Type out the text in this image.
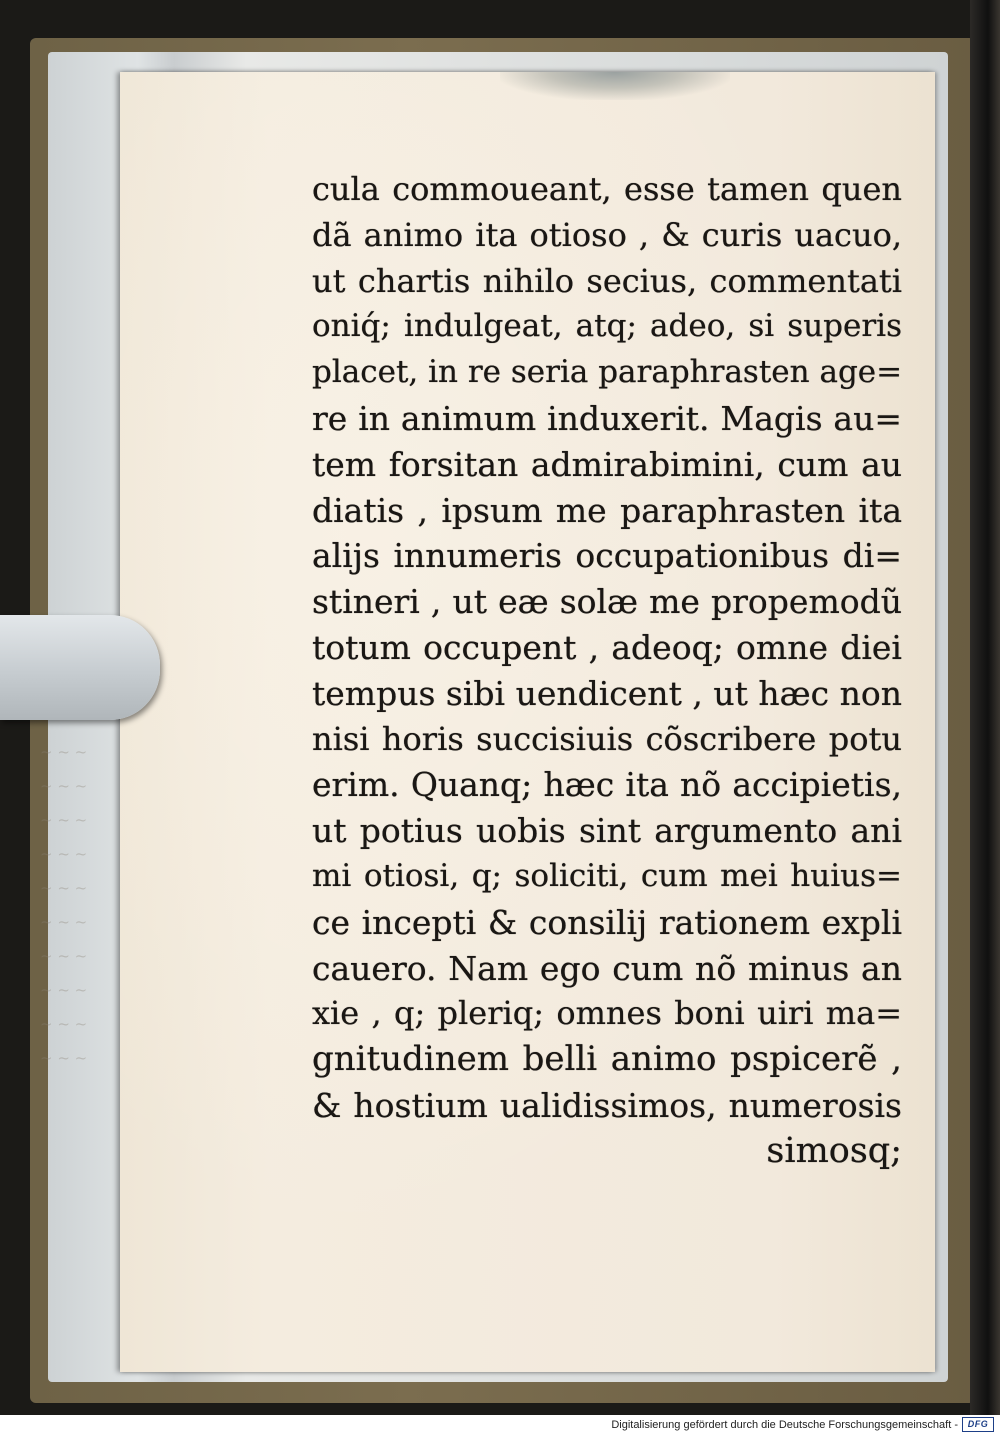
~ ~ ~
~ ~ ~
~ ~ ~
~ ~ ~
~ ~ ~
~ ~ ~
~ ~ ~
~ ~ ~
~ ~ ~
~ ~ ~
cula commoueant, esse tamen quen
dã animo ita otioso , & curis uacuo,
ut chartis nihilo secius, commentati
oniq́; indulgeat, atq; adeo, si superis
placet, in re seria paraphrasten age=
re in animum induxerit. Magis au=
tem forsitan admirabimini, cum au
diatis , ipsum me paraphrasten ita
alijs innumeris occupationibus di=
stineri , ut eæ solæ me propemodũ
totum occupent , adeoq; omne diei
tempus sibi uendicent , ut hæc non
nisi horis succisiuis cõscribere potu
erim. Quanq; hæc ita nõ accipietis,
ut potius uobis sint argumento ani
mi otiosi, q; soliciti, cum mei huius=
ce incepti & consilij rationem expli
cauero. Nam ego cum nõ minus an
xie , q; pleriq; omnes boni uiri ma=
gnitudinem belli animo pspicerẽ ,
& hostium ualidissimos, numerosis
simosq;
Digitalisierung gefördert durch die Deutsche Forschungsgemeinschaft -	DFG
